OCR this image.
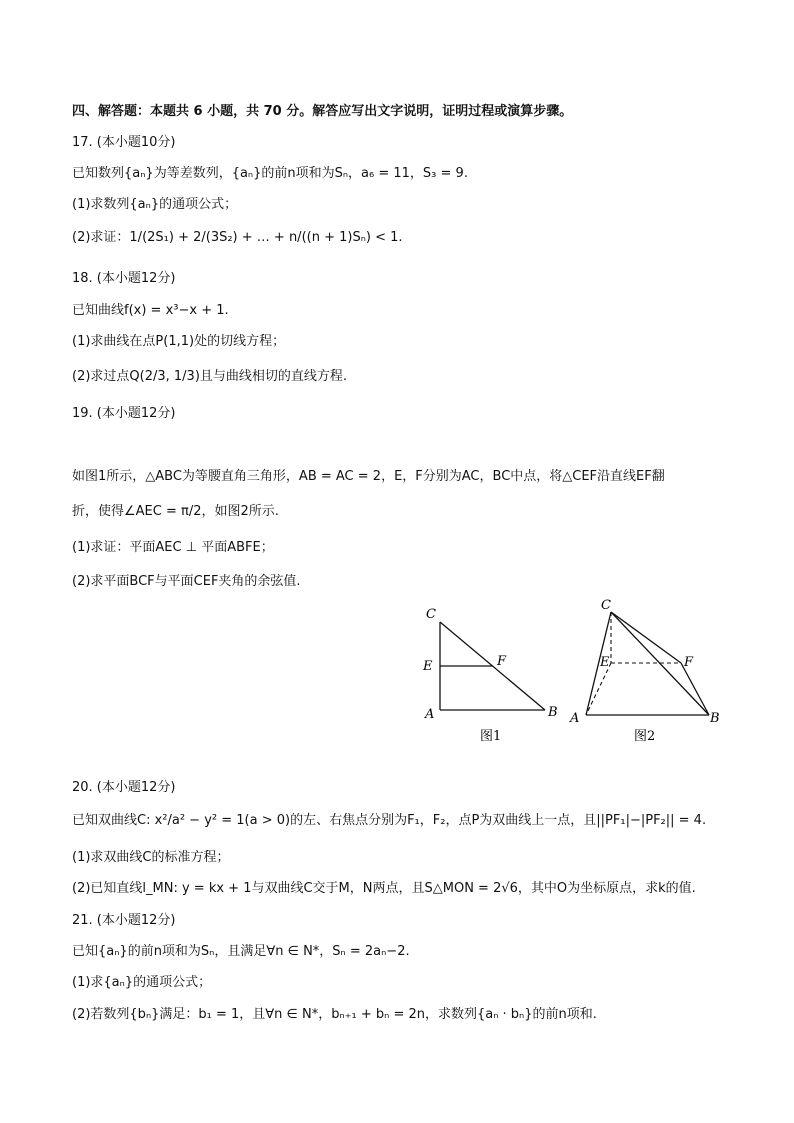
四、解答题：本题共 6 小题，共 70 分。解答应写出文字说明，证明过程或演算步骤。
17. (本小题10分)
已知数列{aₙ}为等差数列，{aₙ}的前n项和为Sₙ，a₆ = 11，S₃ = 9.
(1)求数列{aₙ}的通项公式；
(2)求证：1/(2S₁) + 2/(3S₂) + … + n/((n + 1)Sₙ) < 1.
18. (本小题12分)
已知曲线f(x) = x³−x + 1.
(1)求曲线在点P(1,1)处的切线方程；
(2)求过点Q(2/3, 1/3)且与曲线相切的直线方程.
19. (本小题12分)
如图1所示，△ABC为等腰直角三角形，AB = AC = 2，E，F分别为AC，BC中点，将△CEF沿直线EF翻
折，使得∠AEC = π/2，如图2所示.
(1)求证：平面AEC ⊥ 平面ABFE；
(2)求平面BCF与平面CEF夹角的余弦值.
C
E	F
A	B
图1
C
E	F
A	B
图2
20. (本小题12分)
已知双曲线C: x²/a² − y² = 1(a > 0)的左、右焦点分别为F₁，F₂，点P为双曲线上一点，且||PF₁|−|PF₂|| = 4.
(1)求双曲线C的标准方程；
(2)已知直线l_MN: y = kx + 1与双曲线C交于M，N两点，且S△MON = 2√6，其中O为坐标原点，求k的值.
21. (本小题12分)
已知{aₙ}的前n项和为Sₙ，且满足∀n ∈ N*，Sₙ = 2aₙ−2.
(1)求{aₙ}的通项公式；
(2)若数列{bₙ}满足：b₁ = 1，且∀n ∈ N*，bₙ₊₁ + bₙ = 2n，求数列{aₙ · bₙ}的前n项和.
